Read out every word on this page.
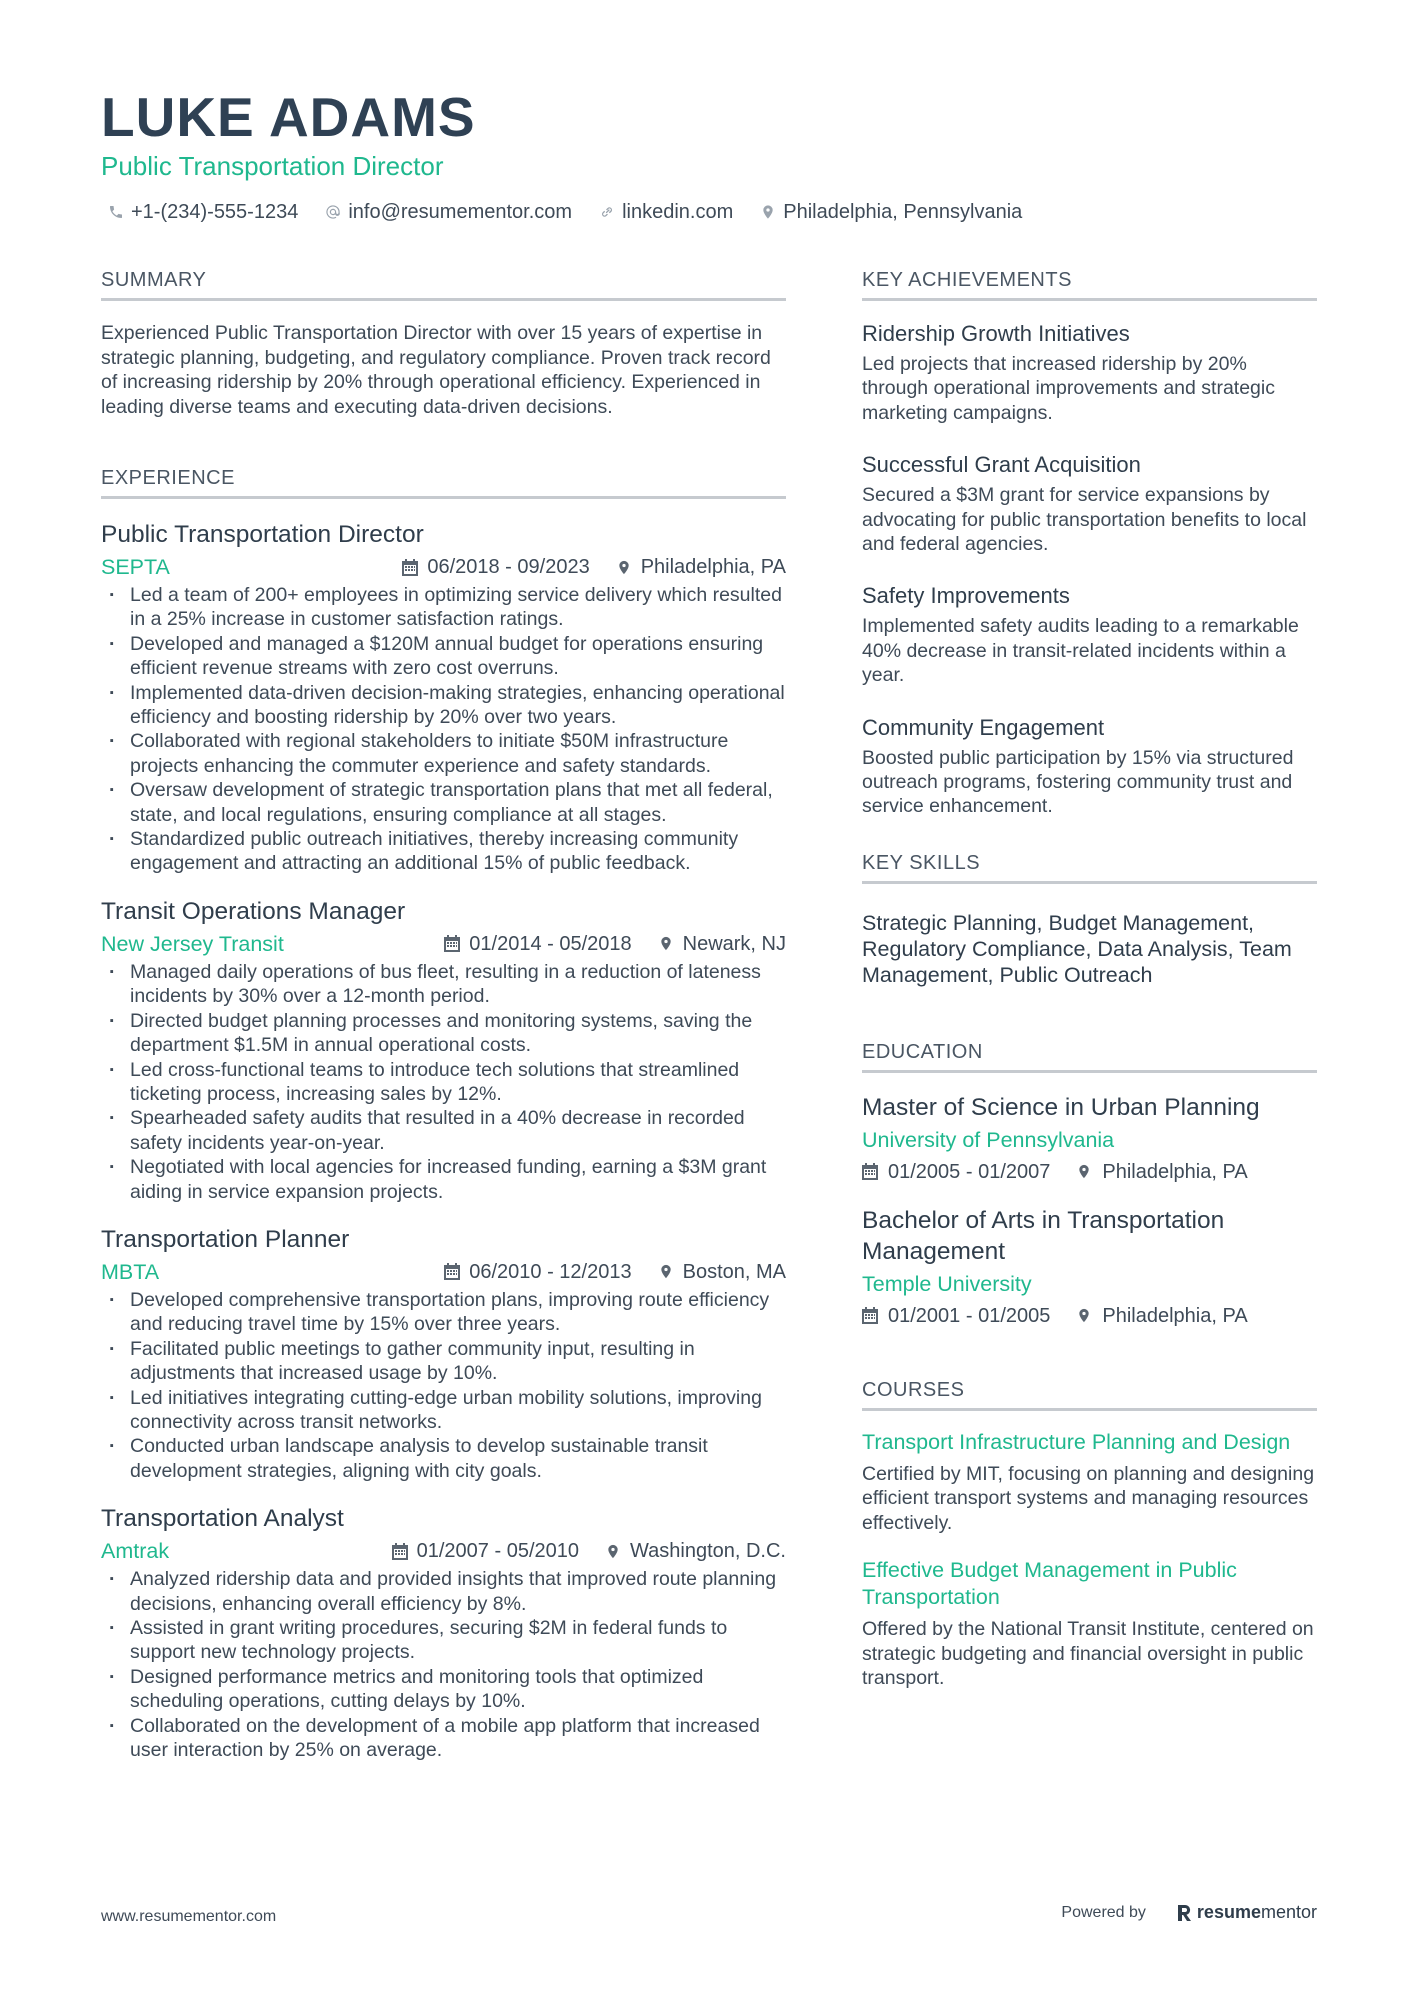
LUKE ADAMS
Public Transportation Director
+1-(234)-555-1234	info@resumementor.com	linkedin.com	Philadelphia, Pennsylvania
SUMMARY

Experienced Public Transportation Director with over 15 years of expertise in strategic planning, budgeting, and regulatory compliance. Proven track record of increasing ridership by 20% through operational efficiency. Experienced in leading diverse teams and executing data-driven decisions.

EXPERIENCE
Public Transportation Director
SEPTA	06/2018 - 09/2023	Philadelphia, PA
· Led a team of 200+ employees in optimizing service delivery which resulted in a 25% increase in customer satisfaction ratings.
· Developed and managed a $120M annual budget for operations ensuring efficient revenue streams with zero cost overruns.
· Implemented data-driven decision-making strategies, enhancing operational efficiency and boosting ridership by 20% over two years.
· Collaborated with regional stakeholders to initiate $50M infrastructure projects enhancing the commuter experience and safety standards.
· Oversaw development of strategic transportation plans that met all federal, state, and local regulations, ensuring compliance at all stages.
· Standardized public outreach initiatives, thereby increasing community engagement and attracting an additional 15% of public feedback.
Transit Operations Manager
New Jersey Transit	01/2014 - 05/2018	Newark, NJ
· Managed daily operations of bus fleet, resulting in a reduction of lateness incidents by 30% over a 12-month period.
· Directed budget planning processes and monitoring systems, saving the department $1.5M in annual operational costs.
· Led cross-functional teams to introduce tech solutions that streamlined ticketing process, increasing sales by 12%.
· Spearheaded safety audits that resulted in a 40% decrease in recorded safety incidents year-on-year.
· Negotiated with local agencies for increased funding, earning a $3M grant aiding in service expansion projects.
Transportation Planner
MBTA	06/2010 - 12/2013	Boston, MA
· Developed comprehensive transportation plans, improving route efficiency and reducing travel time by 15% over three years.
· Facilitated public meetings to gather community input, resulting in adjustments that increased usage by 10%.
· Led initiatives integrating cutting-edge urban mobility solutions, improving connectivity across transit networks.
· Conducted urban landscape analysis to develop sustainable transit development strategies, aligning with city goals.
Transportation Analyst
Amtrak	01/2007 - 05/2010	Washington, D.C.
· Analyzed ridership data and provided insights that improved route planning decisions, enhancing overall efficiency by 8%.
· Assisted in grant writing procedures, securing $2M in federal funds to support new technology projects.
· Designed performance metrics and monitoring tools that optimized scheduling operations, cutting delays by 10%.
· Collaborated on the development of a mobile app platform that increased user interaction by 25% on average.
KEY ACHIEVEMENTS
Ridership Growth Initiatives
Led projects that increased ridership by 20% through operational improvements and strategic marketing campaigns.
Successful Grant Acquisition
Secured a $3M grant for service expansions by advocating for public transportation benefits to local and federal agencies.
Safety Improvements
Implemented safety audits leading to a remarkable 40% decrease in transit-related incidents within a year.
Community Engagement
Boosted public participation by 15% via structured outreach programs, fostering community trust and service enhancement.
KEY SKILLS
Strategic Planning, Budget Management, Regulatory Compliance, Data Analysis, Team Management, Public Outreach
EDUCATION
Master of Science in Urban Planning
University of Pennsylvania
01/2005 - 01/2007	Philadelphia, PA
Bachelor of Arts in Transportation Management
Temple University
01/2001 - 01/2005	Philadelphia, PA
COURSES
Transport Infrastructure Planning and Design
Certified by MIT, focusing on planning and designing efficient transport systems and managing resources effectively.
Effective Budget Management in Public Transportation
Offered by the National Transit Institute, centered on strategic budgeting and financial oversight in public transport.
www.resumementor.com	Powered by	resume mentor
